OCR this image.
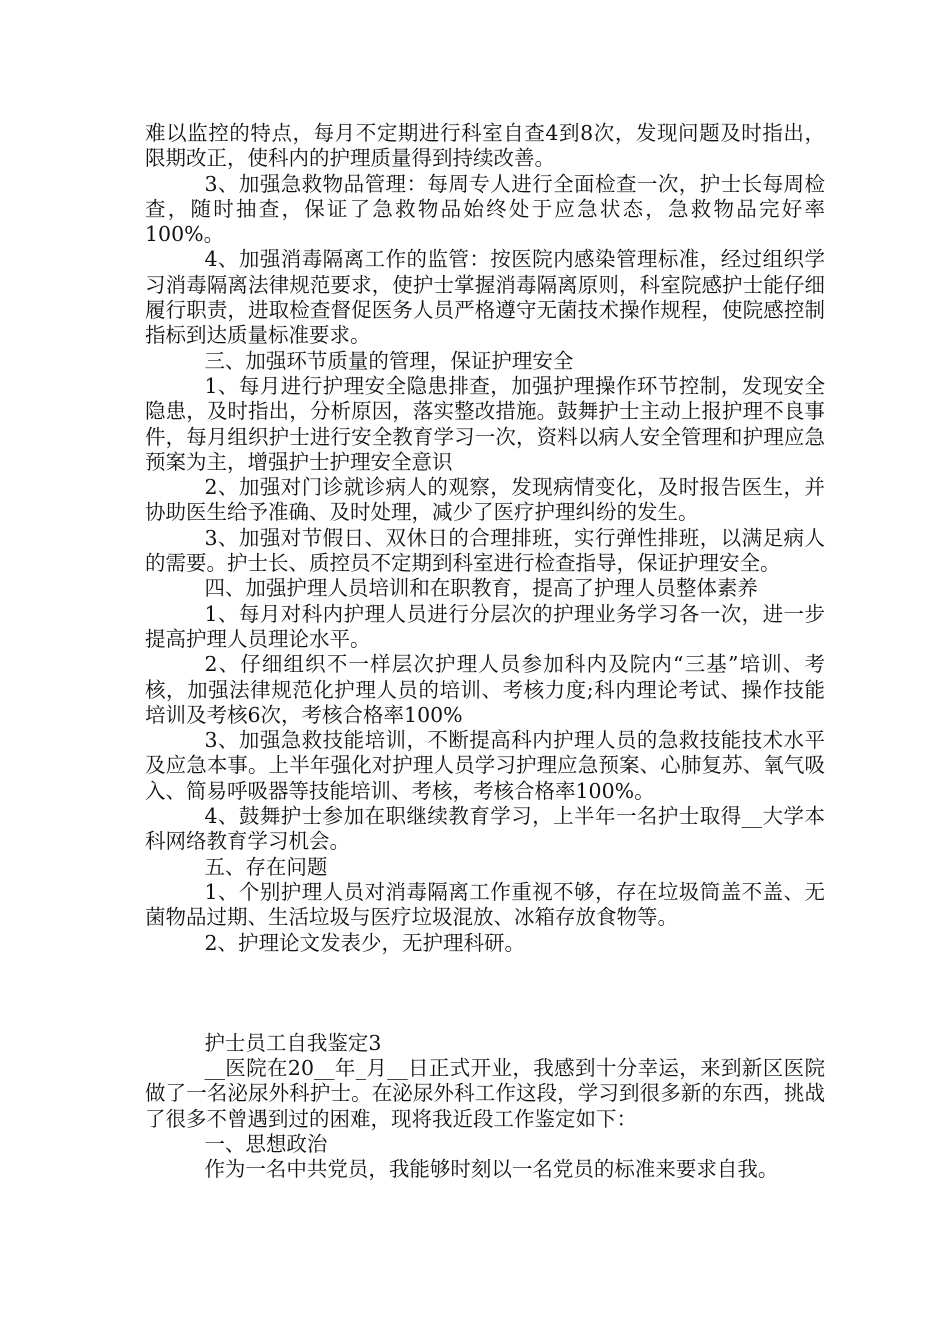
难以监控的特点，每月不定期进行科室自查4到8次，发现问题及时指出，限期改正，使科内的护理质量得到持续改善。

3、加强急救物品管理：每周专人进行全面检查一次，护士长每周检查，随时抽查，保证了急救物品始终处于应急状态，急救物品完好率100%。

4、加强消毒隔离工作的监管：按医院内感染管理标准，经过组织学习消毒隔离法律规范要求，使护士掌握消毒隔离原则，科室院感护士能仔细履行职责，进取检查督促医务人员严格遵守无菌技术操作规程，使院感控制指标到达质量标准要求。

三、加强环节质量的管理，保证护理安全

1、每月进行护理安全隐患排查，加强护理操作环节控制，发现安全隐患，及时指出，分析原因，落实整改措施。鼓舞护士主动上报护理不良事件，每月组织护士进行安全教育学习一次，资料以病人安全管理和护理应急预案为主，增强护士护理安全意识

2、加强对门诊就诊病人的观察，发现病情变化，及时报告医生，并协助医生给予准确、及时处理，减少了医疗护理纠纷的发生。

3、加强对节假日、双休日的合理排班，实行弹性排班，以满足病人的需要。护士长、质控员不定期到科室进行检查指导，保证护理安全。

四、加强护理人员培训和在职教育，提高了护理人员整体素养

1、每月对科内护理人员进行分层次的护理业务学习各一次，进一步提高护理人员理论水平。

2、仔细组织不一样层次护理人员参加科内及院内“三基”培训、考核，加强法律规范化护理人员的培训、考核力度;科内理论考试、操作技能培训及考核6次，考核合格率100%

3、加强急救技能培训，不断提高科内护理人员的急救技能技术水平及应急本事。上半年强化对护理人员学习护理应急预案、心肺复苏、氧气吸入、简易呼吸器等技能培训、考核，考核合格率100%。

4、鼓舞护士参加在职继续教育学习，上半年一名护士取得__大学本科网络教育学习机会。

五、存在问题

1、个别护理人员对消毒隔离工作重视不够，存在垃圾筒盖不盖、无菌物品过期、生活垃圾与医疗垃圾混放、冰箱存放食物等。

2、护理论文发表少，无护理科研。

护士员工自我鉴定3

__医院在20__年_月__日正式开业，我感到十分幸运，来到新区医院做了一名泌尿外科护士。在泌尿外科工作这段，学习到很多新的东西，挑战了很多不曾遇到过的困难，现将我近段工作鉴定如下：

一、思想政治

作为一名中共党员，我能够时刻以一名党员的标准来要求自我。
